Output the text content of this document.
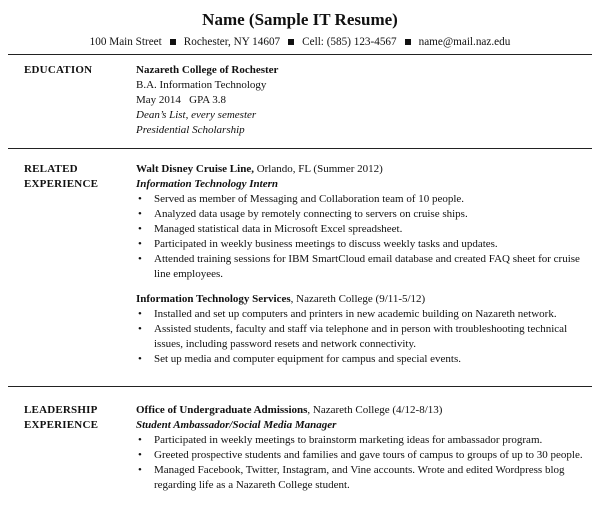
Name (Sample IT Resume)
100 Main Street Rochester, NY 14607 Cell: (585) 123-4567 name@mail.naz.edu
EDUCATION	Nazareth College of Rochester
B.A. Information Technology
May 2014   GPA 3.8
Dean’s List, every semester
Presidential Scholarship
RELATED
EXPERIENCE
Walt Disney Cruise Line, Orlando, FL (Summer 2012)
Information Technology Intern
• Served as member of Messaging and Collaboration team of 10 people.
• Analyzed data usage by remotely connecting to servers on cruise ships.
• Managed statistical data in Microsoft Excel spreadsheet.
• Participated in weekly business meetings to discuss weekly tasks and updates.
• Attended training sessions for IBM SmartCloud email database and created FAQ sheet for cruise line employees.
Information Technology Services, Nazareth College (9/11-5/12)
• Installed and set up computers and printers in new academic building on Nazareth network.
• Assisted students, faculty and staff via telephone and in person with troubleshooting technical issues, including password resets and network connectivity.
• Set up media and computer equipment for campus and special events.
LEADERSHIP
EXPERIENCE
Office of Undergraduate Admissions, Nazareth College (4/12-8/13)
Student Ambassador/Social Media Manager
• Participated in weekly meetings to brainstorm marketing ideas for ambassador program.
• Greeted prospective students and families and gave tours of campus to groups of up to 30 people.
• Managed Facebook, Twitter, Instagram, and Vine accounts. Wrote and edited Wordpress blog regarding life as a Nazareth College student.
